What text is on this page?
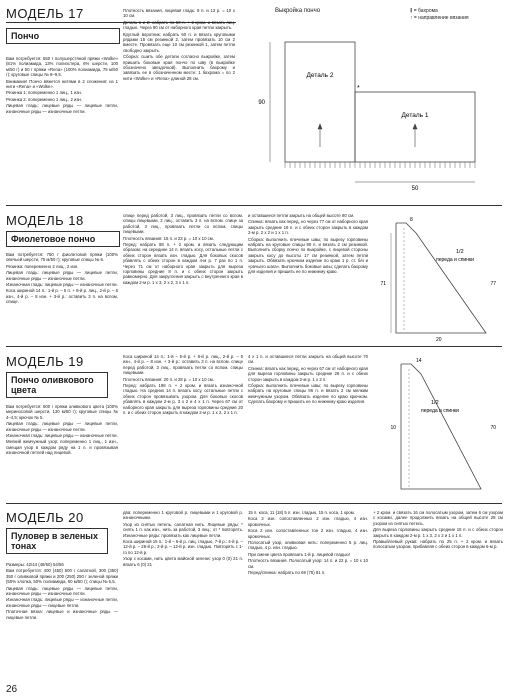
МОДЕЛЬ 17
Пончо

Вам потребуется: 550 г полушерстяной пряжи «Wolke» (81% полиамида, 13% полиэстера, 6% шерсти, 100 м/50 г) и 50 г пряжи «Rena» (100% полиамида, 75 м/50 г); круговые спицы № 9–9,5.

Внимание! Пончо вяжется нитями в 2 сложения: из 1 нити «Rena» и «Wolke».

Резинка 1: попеременно 1 лиц., 1 изн.

Резинка 2: попеременно 1 лиц., 2 изн.

Лицевая гладь: лицевые ряды — лицевые петли, изнаночные ряды — изнаночные петли.

Плотность вязания, лицевая гладь: 9 п. и 13 р. = 10 х 10 см.

Деталь 1 и 2: набрать по 50 п. + 2 кром. и вязать лиц. гладью. Через 90 см от наборного края петли закрыть.

Круглый воротник: набрать 60 п. и вязать круговыми рядами 15 см резинкой 2, затем провязать 10 см 2 вместе. Провязать еще 10 см резинкой 1, затем петли свободно закрыть.

Сборка: сшить обе детали согласно выкройке, затем пришить боковые края пончо по шву (в выкройке обозначено звездочкой). Выполнить бахрому и завязать ее в обозначенном месте: 1 бахрома = по 2 нити «Wolke» и «Rena» длиной 28 см.

Выкройка пончо	⫼ = бахрома
↑ = направление вязания
90
50
Деталь 2
Деталь 1
*
МОДЕЛЬ 18
Фиолетовое пончо

Вам потребуется: 750 г фиолетовой пряжи (100% овечьей шерсти, 75 м/50 г); круговые спицы № 6.

Резинка: попеременно 2 лиц., 2 изн.

Лицевая гладь: лицевые ряды — лицевые петли, изнаночные ряды — изнаночные петли.

Изнаночная гладь: лицевые ряды — изнаночные петли.

Коса шириной 14 п.: 1-й р. – 5 п. + 8-й р. лиц., 2-й р. – 5 изн., 4-й р. – 8 изн. + 3-й р.: оставить 3 п. на вспом. спице.

спице перед работой, 3 лиц., провязать петли со вспом. спицы лицевыми, 2 лиц., оставить 3 п. на вспом. спице за работой, 3 лиц., провязать петли со вспом. спицы лицевыми.

Плотность вязания: 15 п. и 23 р. = 10 х 10 см.

Перед: набрать 88 п. + 2 кром. и вязать следующим образом: на середине 14 п. вязать косу, остальные петли с обеих сторон вязать изн. гладью. Для боковых скосов убавлять с обеих сторон в каждом 4-м р. 7 раз по 1 п. Через 71 см от наборного края закрыть для выреза горловины средние 8 п. и с обеих сторон закрыть равномерно. Для закругления закрыть с внутреннего края в каждом 2-м р. 1 х 3, 2 х 2, 3 х 1 п.

и оставшиеся петли закрыть на общей высоте 80 см.

Спинка: вязать как перед, но через 77 см от наборного края закрыть средние 18 п. и с обеих сторон закрыть в каждом 2-м р. 2 х 2 и 1 х 1 п.

Сборка: выполнить плечевые швы; по вырезу горловины набрать на круговые спицы 90 п. и вязать 2 см резинкой. Выполнить сборку пончо по выкройке, с лицевой стороны закрыть косу до высоты 17 см резинкой, затем петли закрыть. Обвязать крючком изделие по краю 1 р. ст. б/н и «рачьего шага». Выполнить боковые швы; сделать бахрому для изделия и пришить ее по нижнему краю.

1/2
переда и спинки
71
8
77
20
МОДЕЛЬ 19
Пончо оливкового цвета

Вам потребуется: 600 г пряжи оливкового цвета (100% мериносовой шерсти, 130 м/50 г); круговые спицы № 4–4,5; крючок № 5.

Лицевая гладь: лицевые ряды — лицевые петли, изнаночные ряды — изнаночные петли.

Изнаночная гладь: лицевые ряды — изнаночные петли.

Мелкий жемчужный узор: попеременно 1 лиц., 1 изн., смещая узор в каждом ряду на 1 п. и провязывая изнаночной петлей над лицевой.

Коса шириной 14 п.: 1-й – 5-й р. + 8-й р. лиц., 2-й р. – 5 изн., 4-й р. – 8 изн. + 3-й р.: оставить 3 п. на вспом. спице перед работой, 3 лиц., провязать петли со вспом. спицы лицевыми.

Плотность вязания: 20 п. и 28 р. = 10 х 10 см.

Перед: набрать 198 п. + 2 кром. и вязать изнаночной гладью. На средних 14 п. вязать косу, остальные петли с обеих сторон провязывать узором. Для боковых скосов убавлять в каждом 2-м р. 3 х 2 и 4 х 1 п. Через 67 см от наборного края закрыть для выреза горловины средние 20 п. и с обеих сторон закрыть в каждом 2-м р. 1 х 2, 2 х 1 п.

4 х 1 п. и оставшиеся петли закрыть на общей высоте 70 см.

Спинка: вязать как перед, но через 67 см от наборного края для выреза горловины закрыть средние 26 п. и с обеих сторон закрыть в каждом 2-м р. 1 х 2 п.

Сборка: выполнить плечевые швы; по вырезу горловины набрать на круговые спицы 96 п. и вязать 2 см мелким жемчужным узором. Обвязать изделие по краю крючком. Сделать бахрому и пришить ее по нижнему краю изделия.	1/2
переда и спинки
70
10
14
МОДЕЛЬ 20
Пуловер в зеленых тонах

Размеры: 42/44 (48/50) 54/56

Вам потребуется: 400 (450) 500 г салатной, 300 (350) 350 г оливковой пряжи и 200 (250) 250 г зеленой пряжи (50% хлопка, 50% полиамида, 60 м/50 г); спицы № 5,5.

Лицевая гладь: лицевые ряды — лицевые петли, изнаночные ряды — изнаночные петли.

Изнаночная гладь: лицевые ряды — изнаночные петли, изнаночные ряды — лицевые петли.

Платочная вязка: лицевые и изнаночные ряды — лицевые петли.

два: попеременно 1 круговой р. лицевыми и 1 круговой р. изнаночными.

Узор из снятых петель, салатная нить. Лицевые ряды: * снять 1 п. как изн., нить за работой, 3 лиц.; от * повторять. Изнаночные ряды: провязать как лицевые петли.

Коса шириной 15 п.: 1-й – 6-й р. лиц. гладью, 7-й р.: 4-й р. – 12-й р. – 26-й р.; 2-й р. – 12-й р. изн. гладью. Повторять с 1-го по 12-й р.

Узор с косами, нить цвета майской зелени: узор 0 (0) 21 п. вязать 6 (0) 21

15 п. коса, 11 (18) 5 п. изн. гладью, 15 п. коса, 1 кром.

Коса 2 изн. сопоставленных 2 изн. гладью, 4 изн. кромочных.

Коса 2 изн. сопоставленных тон 2 изн. гладью, 4 изн. кромочных.

Полосатый узор, оливковая нить: попеременно 5 р. лиц. гладью, 4 р. изн. гладью.

При смене цвета провязать 1-й р. лицевой гладью!

Плотность вязания. Полосатый узор: 14 п. и 22 р. = 10 х 10 см.

Перед/спинка: набрать по 69 (75) 81 п.

+ 2 кром. и связать 16 см полосатым узором, затем 6 см узором с косами, далее продолжить вязать на общей высоте 28 см узором из снятых петель.

Для выреза горловины закрыть средние 15 п. и с обеих сторон закрыть в каждом 2-м р. 1 х 3, 2 х 2 и 1 х 1 п.

Правый/левый рукав: набрать по 25 п. + 2 кром. и вязать полосатым узором, прибавляя с обеих сторон в каждом 6-м р.

26
